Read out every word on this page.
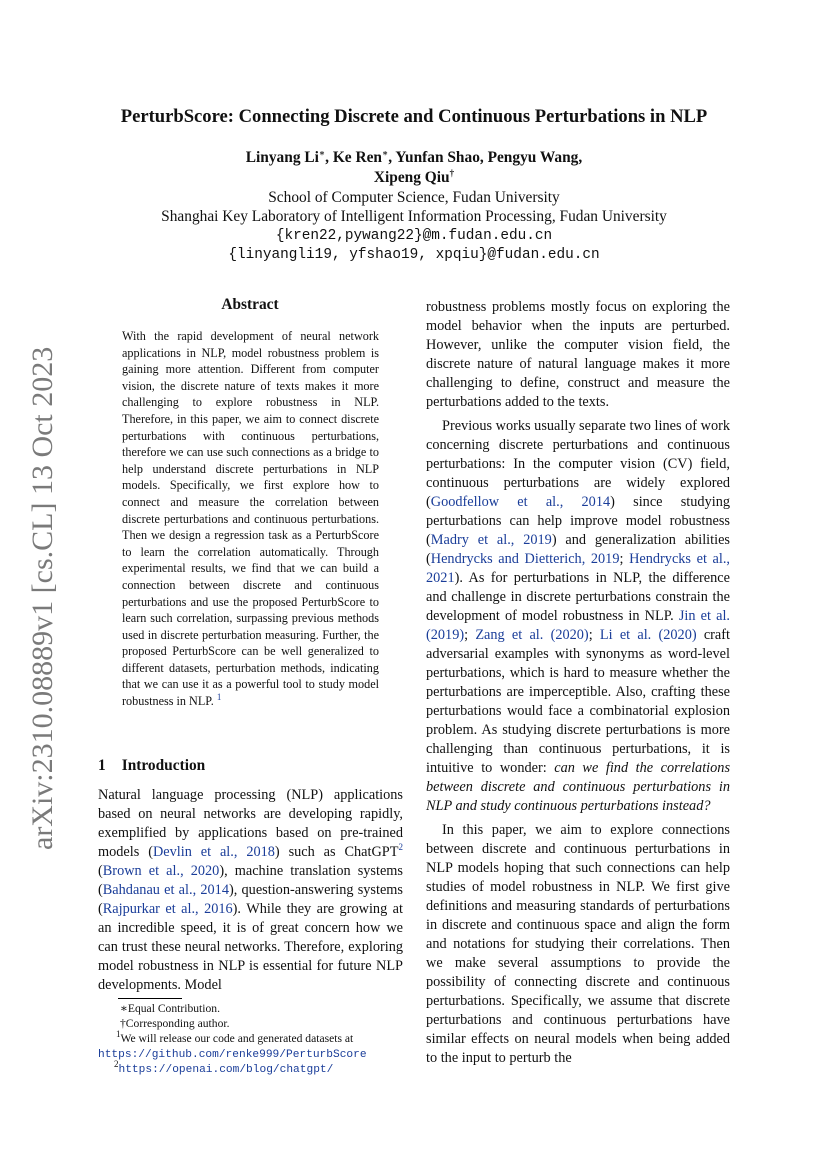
arXiv:2310.08889v1 [cs.CL] 13 Oct 2023
PerturbScore: Connecting Discrete and Continuous Perturbations in NLP
Linyang Li∗, Ke Ren∗, Yunfan Shao, Pengyu Wang,
Xipeng Qiu†
School of Computer Science, Fudan University
Shanghai Key Laboratory of Intelligent Information Processing, Fudan University
{kren22,pywang22}@m.fudan.edu.cn
{linyangli19, yfshao19, xpqiu}@fudan.edu.cn
Abstract
With the rapid development of neural network applications in NLP, model robustness problem is gaining more attention. Different from computer vision, the discrete nature of texts makes it more challenging to explore robustness in NLP. Therefore, in this paper, we aim to connect discrete perturbations with continuous perturbations, therefore we can use such connections as a bridge to help understand discrete perturbations in NLP models. Specifically, we first explore how to connect and measure the correlation between discrete perturbations and continuous perturbations. Then we design a regression task as a PerturbScore to learn the correlation automatically. Through experimental results, we find that we can build a connection between discrete and continuous perturbations and use the proposed PerturbScore to learn such correlation, surpassing previous methods used in discrete perturbation measuring. Further, the proposed PerturbScore can be well generalized to different datasets, perturbation methods, indicating that we can use it as a powerful tool to study model robustness in NLP. $^1$
1 Introduction
Natural language processing (NLP) applications based on neural networks are developing rapidly, exemplified by applications based on pre-trained models (Devlin et al., 2018) such as ChatGPT$^2$ (Brown et al., 2020), machine translation systems (Bahdanau et al., 2014), question-answering systems (Rajpurkar et al., 2016). While they are growing at an incredible speed, it is of great concern how we can trust these neural networks. Therefore, exploring model robustness in NLP is essential for future NLP developments. Model
∗Equal Contribution.
†Corresponding author.
$^1$We will release our code and generated datasets at
https://github.com/renke999/PerturbScore
$^2$https://openai.com/blog/chatgpt/

robustness problems mostly focus on exploring the model behavior when the inputs are perturbed. However, unlike the computer vision field, the discrete nature of natural language makes it more challenging to define, construct and measure the perturbations added to the texts.

Previous works usually separate two lines of work concerning discrete perturbations and continuous perturbations: In the computer vision (CV) field, continuous perturbations are widely explored (Goodfellow et al., 2014) since studying perturbations can help improve model robustness (Madry et al., 2019) and generalization abilities (Hendrycks and Dietterich, 2019; Hendrycks et al., 2021). As for perturbations in NLP, the difference and challenge in discrete perturbations constrain the development of model robustness in NLP. Jin et al. (2019); Zang et al. (2020); Li et al. (2020) craft adversarial examples with synonyms as word-level perturbations, which is hard to measure whether the perturbations are imperceptible. Also, crafting these perturbations would face a combinatorial explosion problem. As studying discrete perturbations is more challenging than continuous perturbations, it is intuitive to wonder: can we find the correlations between discrete and continuous perturbations in NLP and study continuous perturbations instead?

In this paper, we aim to explore connections between discrete and continuous perturbations in NLP models hoping that such connections can help studies of model robustness in NLP. We first give definitions and measuring standards of perturbations in discrete and continuous space and align the form and notations for studying their correlations. Then we make several assumptions to provide the possibility of connecting discrete and continuous perturbations. Specifically, we assume that discrete perturbations and continuous perturbations have similar effects on neural models when being added to the input to perturb the
